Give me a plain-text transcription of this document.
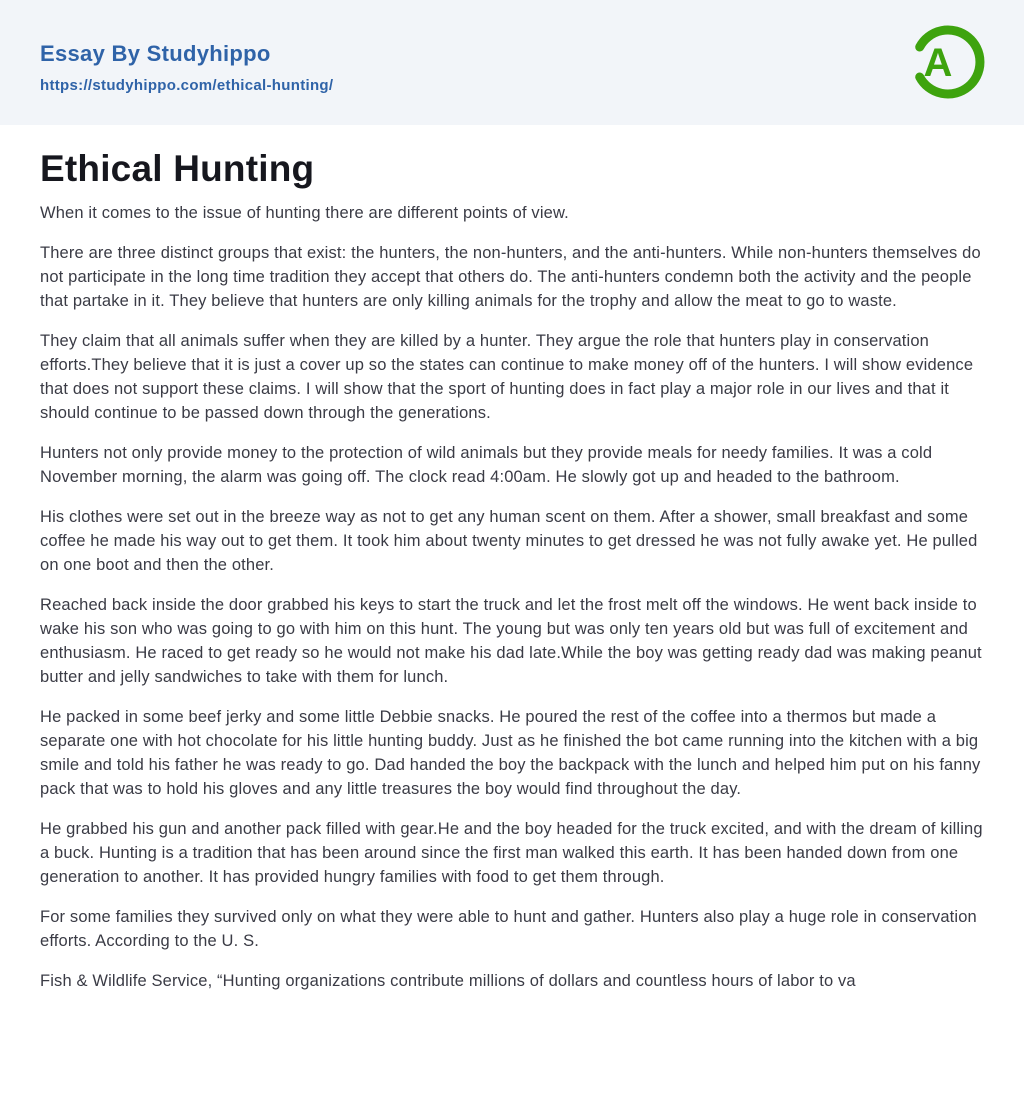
Essay By Studyhippo
https://studyhippo.com/ethical-hunting/
A
Ethical Hunting

When it comes to the issue of hunting there are different points of view.

There are three distinct groups that exist: the hunters, the non-hunters, and the anti-hunters. While non-hunters themselves do not participate in the long time tradition they accept that others do. The anti-hunters condemn both the activity and the people that partake in it. They believe that hunters are only killing animals for the trophy and allow the meat to go to waste.

They claim that all animals suffer when they are killed by a hunter. They argue the role that hunters play in conservation efforts.They believe that it is just a cover up so the states can continue to make money off of the hunters. I will show evidence that does not support these claims. I will show that the sport of hunting does in fact play a major role in our lives and that it should continue to be passed down through the generations.

Hunters not only provide money to the protection of wild animals but they provide meals for needy families. It was a cold November morning, the alarm was going off. The clock read 4:00am. He slowly got up and headed to the bathroom.

His clothes were set out in the breeze way as not to get any human scent on them. After a shower, small breakfast and some coffee he made his way out to get them. It took him about twenty minutes to get dressed he was not fully awake yet. He pulled on one boot and then the other.

Reached back inside the door grabbed his keys to start the truck and let the frost melt off the windows. He went back inside to wake his son who was going to go with him on this hunt. The young but was only ten years old but was full of excitement and enthusiasm. He raced to get ready so he would not make his dad late.While the boy was getting ready dad was making peanut butter and jelly sandwiches to take with them for lunch.

He packed in some beef jerky and some little Debbie snacks. He poured the rest of the coffee into a thermos but made a separate one with hot chocolate for his little hunting buddy. Just as he finished the bot came running into the kitchen with a big smile and told his father he was ready to go. Dad handed the boy the backpack with the lunch and helped him put on his fanny pack that was to hold his gloves and any little treasures the boy would find throughout the day.

He grabbed his gun and another pack filled with gear.He and the boy headed for the truck excited, and with the dream of killing a buck. Hunting is a tradition that has been around since the first man walked this earth. It has been handed down from one generation to another. It has provided hungry families with food to get them through.

For some families they survived only on what they were able to hunt and gather. Hunters also play a huge role in conservation efforts. According to the U. S.

Fish & Wildlife Service, “Hunting organizations contribute millions of dollars and countless hours of labor to va
